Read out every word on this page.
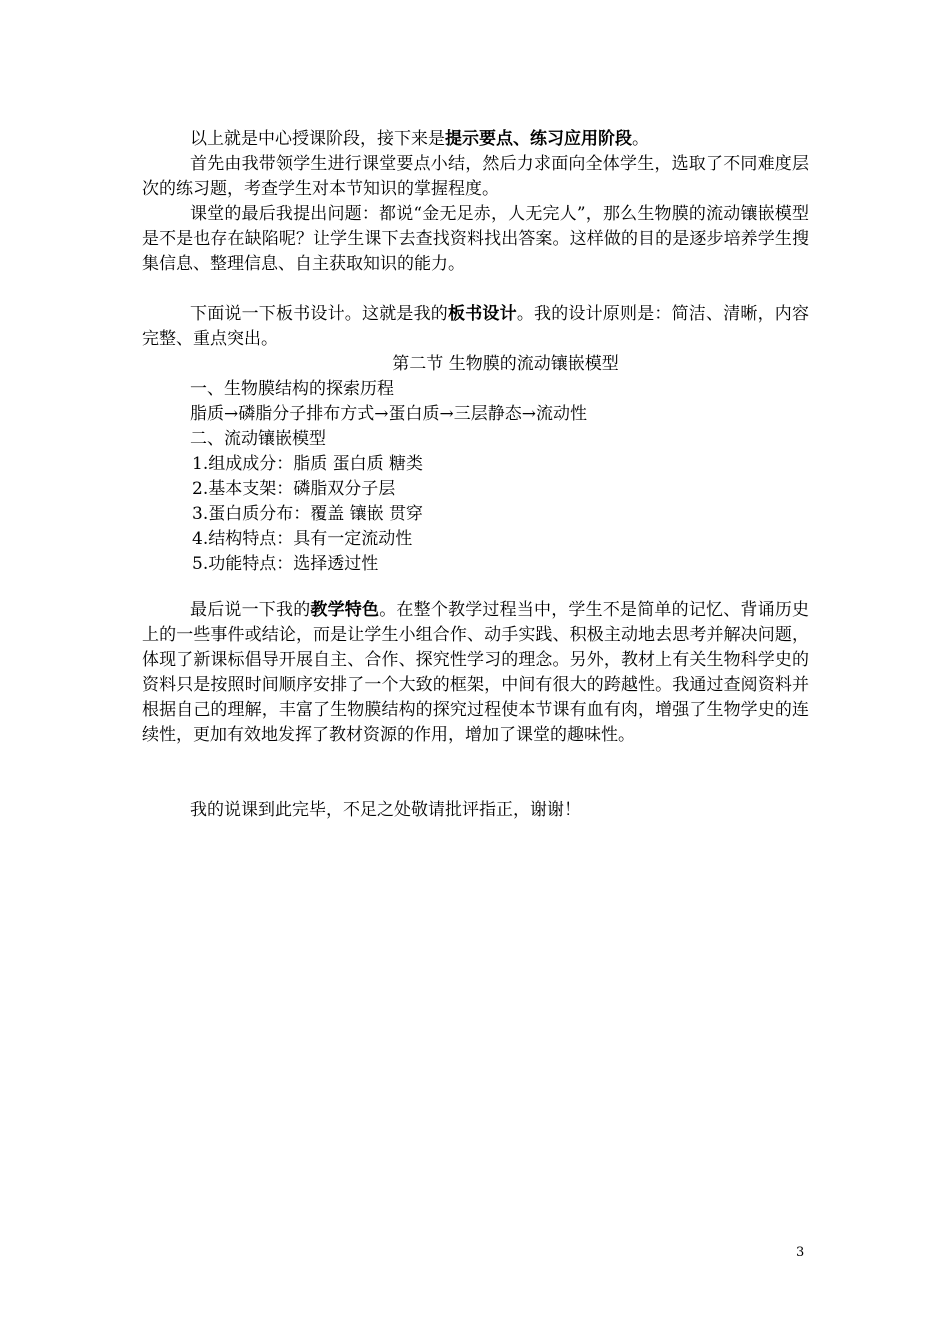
以上就是中心授课阶段，接下来是提示要点、练习应用阶段。

首先由我带领学生进行课堂要点小结，然后力求面向全体学生，选取了不同难度层次的练习题，考查学生对本节知识的掌握程度。

课堂的最后我提出问题：都说“金无足赤，人无完人”，那么生物膜的流动镶嵌模型是不是也存在缺陷呢？让学生课下去查找资料找出答案。这样做的目的是逐步培养学生搜集信息、整理信息、自主获取知识的能力。

下面说一下板书设计。这就是我的板书设计。我的设计原则是：简洁、清晰，内容完整、重点突出。

第二节 生物膜的流动镶嵌模型

一、生物膜结构的探索历程

脂质→磷脂分子排布方式→蛋白质→三层静态→流动性

二、流动镶嵌模型

1.组成成分：脂质 蛋白质 糖类

2.基本支架：磷脂双分子层

3.蛋白质分布：覆盖 镶嵌 贯穿

4.结构特点：具有一定流动性

5.功能特点：选择透过性

最后说一下我的教学特色。在整个教学过程当中，学生不是简单的记忆、背诵历史上的一些事件或结论，而是让学生小组合作、动手实践、积极主动地去思考并解决问题，体现了新课标倡导开展自主、合作、探究性学习的理念。另外，教材上有关生物科学史的资料只是按照时间顺序安排了一个大致的框架，中间有很大的跨越性。我通过查阅资料并根据自己的理解，丰富了生物膜结构的探究过程使本节课有血有肉，增强了生物学史的连续性，更加有效地发挥了教材资源的作用，增加了课堂的趣味性。

我的说课到此完毕，不足之处敬请批评指正，谢谢！

3
